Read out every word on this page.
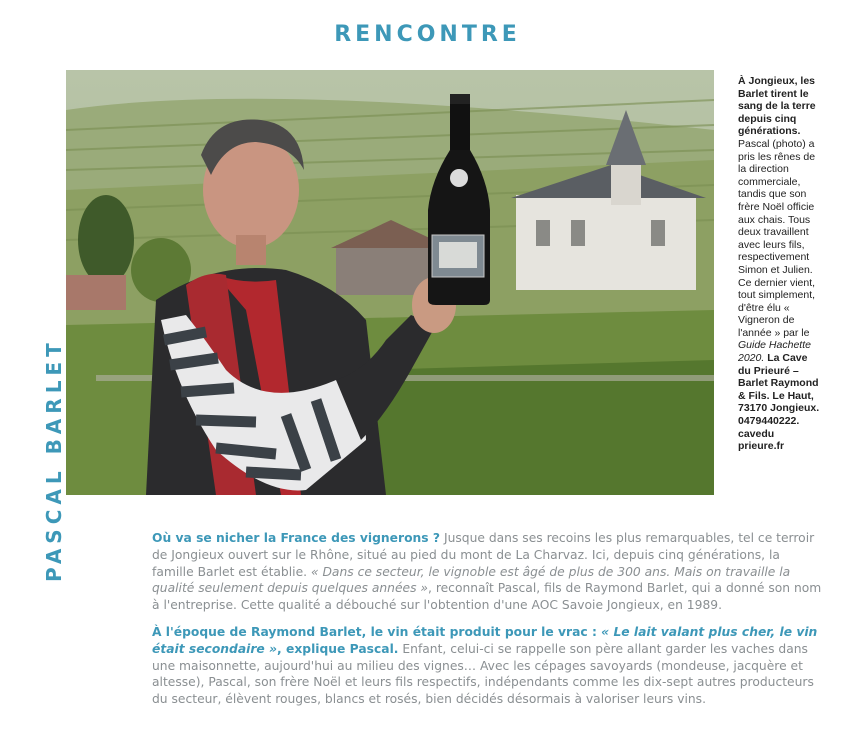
RENCONTRE

À Jongieux, les Barlet tirent le sang de la terre depuis cinq générations. Pascal (photo) a pris les rênes de la direction commerciale, tandis que son frère Noël officie aux chais. Tous deux travaillent avec leurs fils, respectivement Simon et Julien. Ce dernier vient, tout simplement, d'être élu « Vigneron de l'année » par le Guide Hachette 2020. La Cave du Prieuré – Barlet Raymond & Fils. Le Haut, 73170 Jongieux. 0479440222. cavedu prieure.fr

PASCAL BARLET	Où va se nicher la France des vignerons ? Jusque dans ses recoins les plus remarquables, tel ce terroir de Jongieux ouvert sur le Rhône, situé au pied du mont de La Charvaz. Ici, depuis cinq générations, la famille Barlet est établie. « Dans ce secteur, le vignoble est âgé de plus de 300 ans. Mais on travaille la qualité seulement depuis quelques années », reconnaît Pascal, fils de Raymond Barlet, qui a donné son nom à l'entreprise. Cette qualité a débouché sur l'obtention d'une AOC Savoie Jongieux, en 1989.

À l'époque de Raymond Barlet, le vin était produit pour le vrac : « Le lait valant plus cher, le vin était secondaire », explique Pascal. Enfant, celui-ci se rappelle son père allant garder les vaches dans une maisonnette, aujourd'hui au milieu des vignes… Avec les cépages savoyards (mondeuse, jacquère et altesse), Pascal, son frère Noël et leurs fils respectifs, indépendants comme les dix-sept autres producteurs du secteur, élèvent rouges, blancs et rosés, bien décidés désormais à valoriser leurs vins.
